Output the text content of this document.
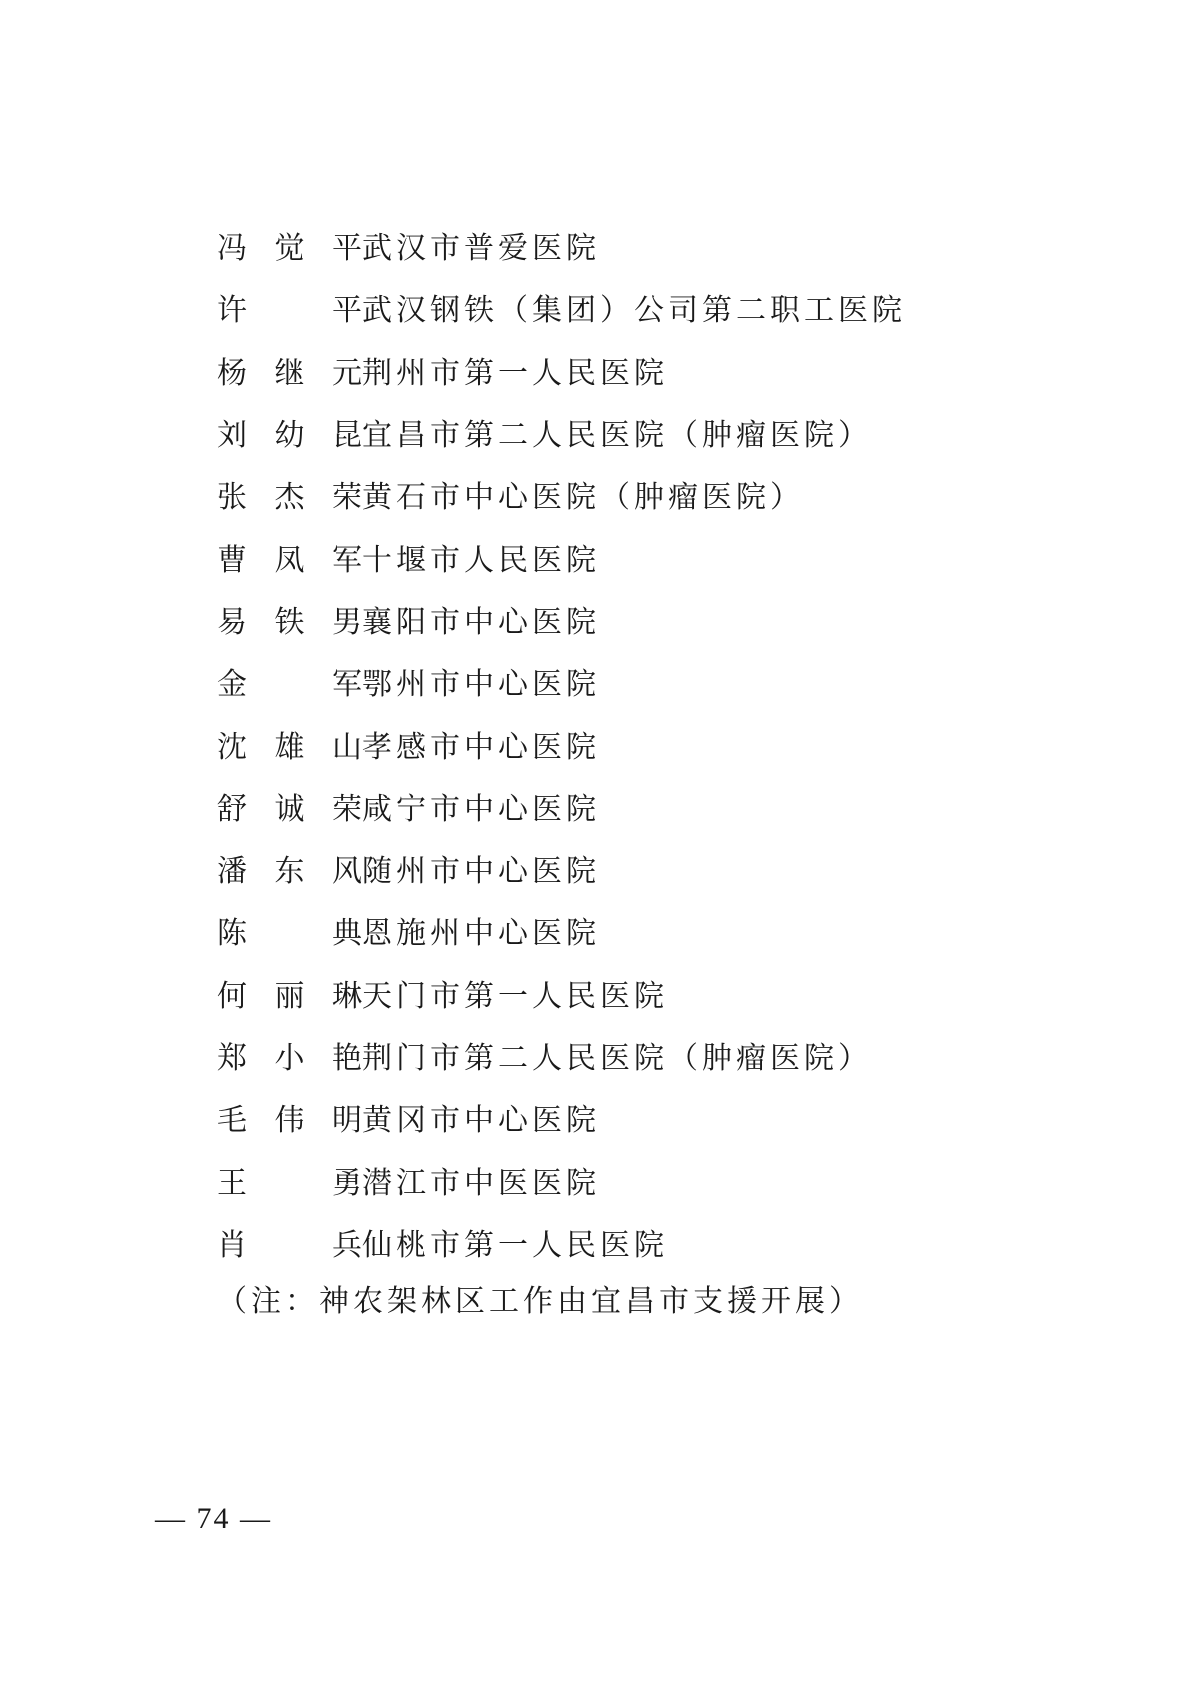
冯 觉 平 武汉市普爱医院
许	平 武汉钢铁（集团）公司第二职工医院
杨 继 元 荆州市第一人民医院
刘 幼 昆 宜昌市第二人民医院（肿瘤医院）
张 杰 荣 黄石市中心医院（肿瘤医院）
曹 凤 军 十堰市人民医院
易 铁 男 襄阳市中心医院
金	军 鄂州市中心医院
沈 雄 山 孝感市中心医院
舒 诚 荣 咸宁市中心医院
潘 东 风 随州市中心医院
陈	典 恩施州中心医院
何 丽 琳 天门市第一人民医院
郑 小 艳 荆门市第二人民医院（肿瘤医院）
毛 伟 明 黄冈市中心医院
王	勇 潜江市中医医院
肖	兵 仙桃市第一人民医院
（注：神农架林区工作由宜昌市支援开展）
— 74 —
